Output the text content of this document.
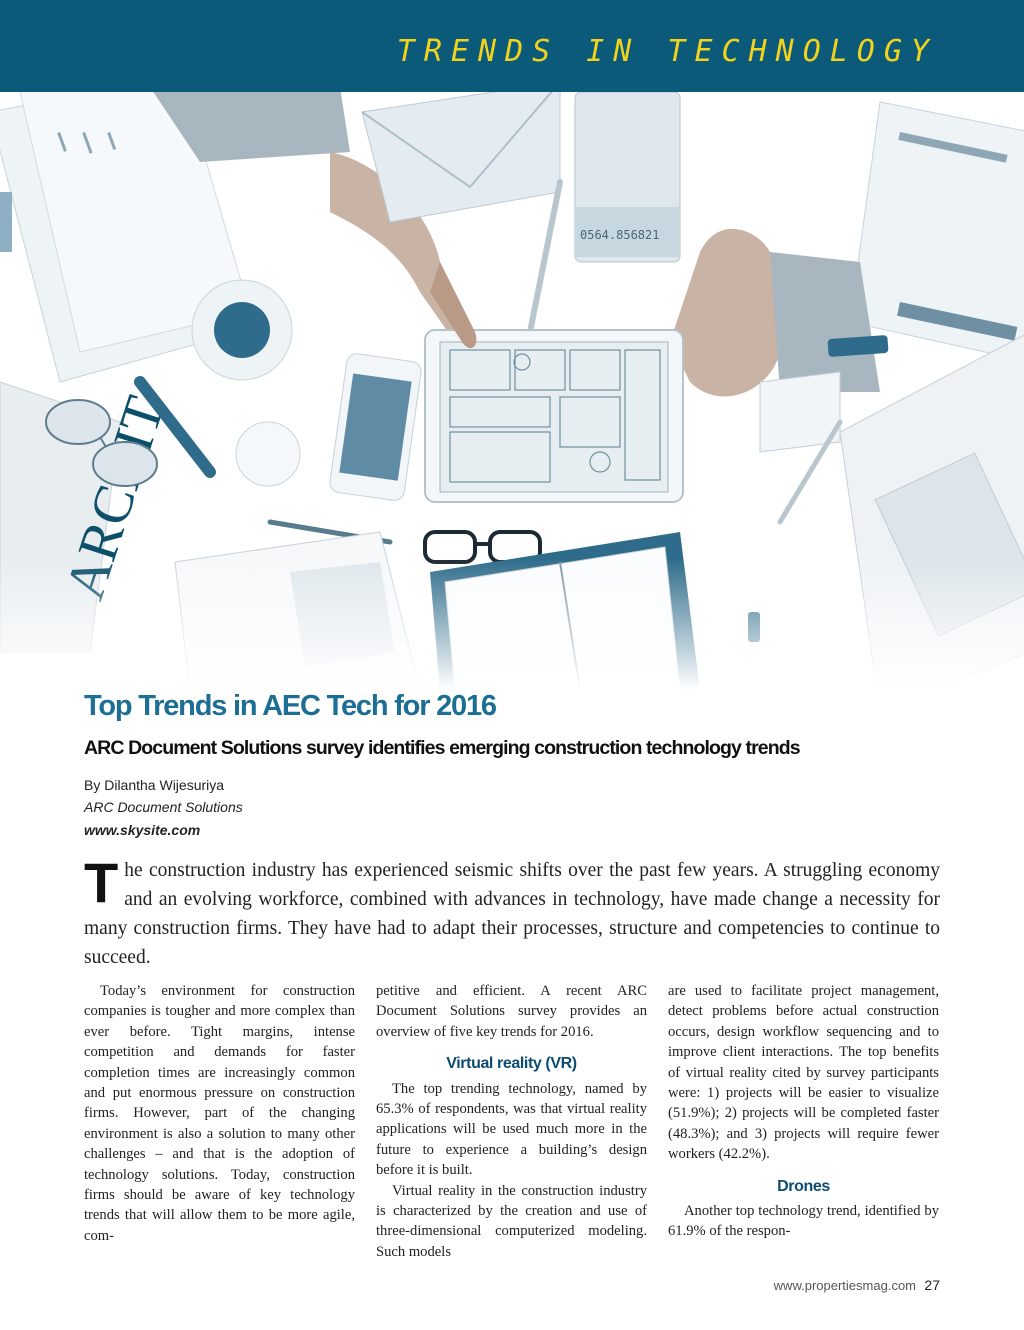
TRENDS IN TECHNOLOGY
Top Trends in AEC Tech for 2016
ARC Document Solutions survey identifies emerging construction technology trends
By Dilantha Wijesuriya
ARC Document Solutions
www.skysite.com
The construction industry has experienced seismic shifts over the past few years. A struggling economy and an evolving workforce, combined with advances in technology, have made change a necessity for many construction firms. They have had to adapt their processes, structure and competencies to continue to succeed.

Today’s environment for construction companies is tougher and more complex than ever before. Tight margins, intense competition and demands for faster completion times are increasingly common and put enormous pressure on construction firms. However, part of the changing environment is also a solution to many other challenges – and that is the adoption of technology solutions. Today, construction firms should be aware of key technology trends that will allow them to be more agile, com-

petitive and efficient. A recent ARC Document Solutions survey provides an overview of five key trends for 2016.

Virtual reality (VR)

The top trending technology, named by 65.3% of respondents, was that virtual reality applications will be used much more in the future to experience a building’s design before it is built.

Virtual reality in the construction industry is characterized by the creation and use of three-dimensional computerized modeling. Such models

are used to facilitate project management, detect problems before actual construction occurs, design workflow sequencing and to improve client interactions. The top benefits of virtual reality cited by survey participants were: 1) projects will be easier to visualize (51.9%); 2) projects will be completed faster (48.3%); and 3) projects will require fewer workers (42.2%).

Drones

Another top technology trend, identified by 61.9% of the respon-

www.propertiesmag.com 27
